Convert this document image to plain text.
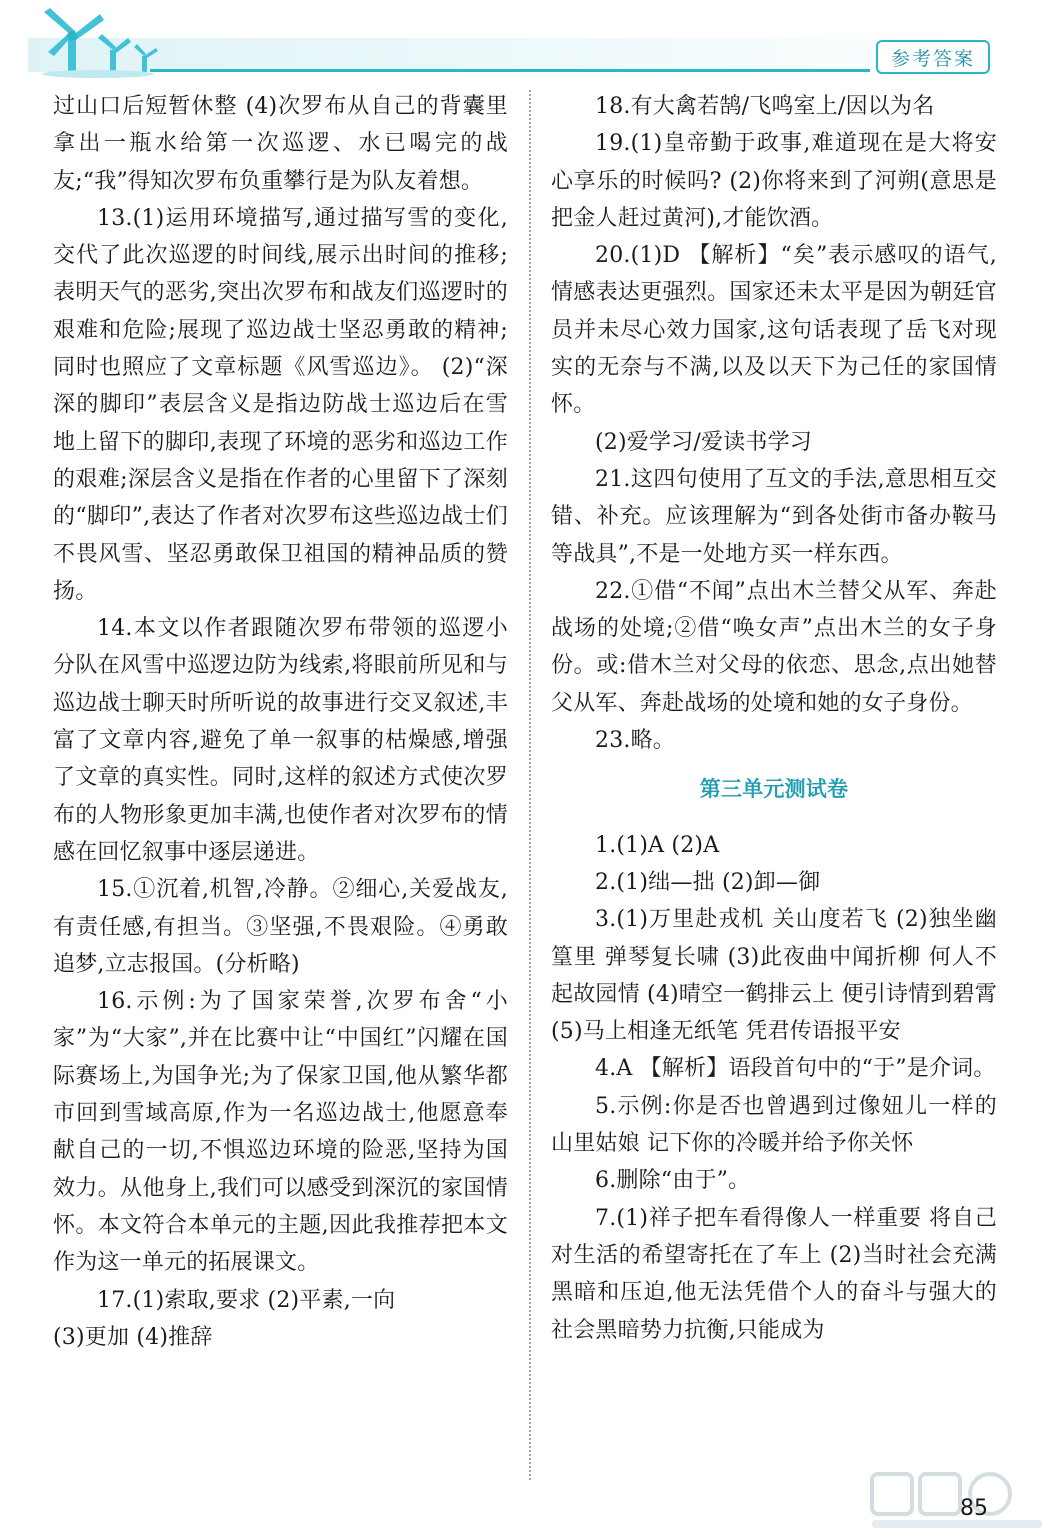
参考答案

过山口后短暂休整 (4)次罗布从自己的背囊里拿出一瓶水给第一次巡逻、水已喝完的战友;“我”得知次罗布负重攀行是为队友着想。

13.(1)运用环境描写,通过描写雪的变化,交代了此次巡逻的时间线,展示出时间的推移;表明天气的恶劣,突出次罗布和战友们巡逻时的艰难和危险;展现了巡边战士坚忍勇敢的精神;同时也照应了文章标题《风雪巡边》。 (2)“深深的脚印”表层含义是指边防战士巡边后在雪地上留下的脚印,表现了环境的恶劣和巡边工作的艰难;深层含义是指在作者的心里留下了深刻的“脚印”,表达了作者对次罗布这些巡边战士们不畏风雪、坚忍勇敢保卫祖国的精神品质的赞扬。

14.本文以作者跟随次罗布带领的巡逻小分队在风雪中巡逻边防为线索,将眼前所见和与巡边战士聊天时所听说的故事进行交叉叙述,丰富了文章内容,避免了单一叙事的枯燥感,增强了文章的真实性。同时,这样的叙述方式使次罗布的人物形象更加丰满,也使作者对次罗布的情感在回忆叙事中逐层递进。

15.①沉着,机智,冷静。②细心,关爱战友,有责任感,有担当。③坚强,不畏艰险。④勇敢追梦,立志报国。(分析略)

16.示例:为了国家荣誉,次罗布舍“小家”为“大家”,并在比赛中让“中国红”闪耀在国际赛场上,为国争光;为了保家卫国,他从繁华都市回到雪域高原,作为一名巡边战士,他愿意奉献自己的一切,不惧巡边环境的险恶,坚持为国效力。从他身上,我们可以感受到深沉的家国情怀。本文符合本单元的主题,因此我推荐把本文作为这一单元的拓展课文。

17.(1)索取,要求 (2)平素,一向

(3)更加 (4)推辞

18.有大禽若鹄/飞鸣室上/因以为名

19.(1)皇帝勤于政事,难道现在是大将安心享乐的时候吗? (2)你将来到了河朔(意思是把金人赶过黄河),才能饮酒。

20.(1)D 【解析】“矣”表示感叹的语气,情感表达更强烈。国家还未太平是因为朝廷官员并未尽心效力国家,这句话表现了岳飞对现实的无奈与不满,以及以天下为己任的家国情怀。

(2)爱学习/爱读书学习

21.这四句使用了互文的手法,意思相互交错、补充。应该理解为“到各处街市备办鞍马等战具”,不是一处地方买一样东西。

22.①借“不闻”点出木兰替父从军、奔赴战场的处境;②借“唤女声”点出木兰的女子身份。或:借木兰对父母的依恋、思念,点出她替父从军、奔赴战场的处境和她的女子身份。

23.略。

第三单元测试卷

1.(1)A (2)A

2.(1)绌—拙 (2)卸—御

3.(1)万里赴戎机 关山度若飞 (2)独坐幽篁里 弹琴复长啸 (3)此夜曲中闻折柳 何人不起故园情 (4)晴空一鹤排云上 便引诗情到碧霄 (5)马上相逢无纸笔 凭君传语报平安

4.A 【解析】语段首句中的“于”是介词。

5.示例:你是否也曾遇到过像妞儿一样的山里姑娘 记下你的冷暖并给予你关怀

6.删除“由于”。

7.(1)祥子把车看得像人一样重要 将自己对生活的希望寄托在了车上 (2)当时社会充满黑暗和压迫,他无法凭借个人的奋斗与强大的社会黑暗势力抗衡,只能成为

85
